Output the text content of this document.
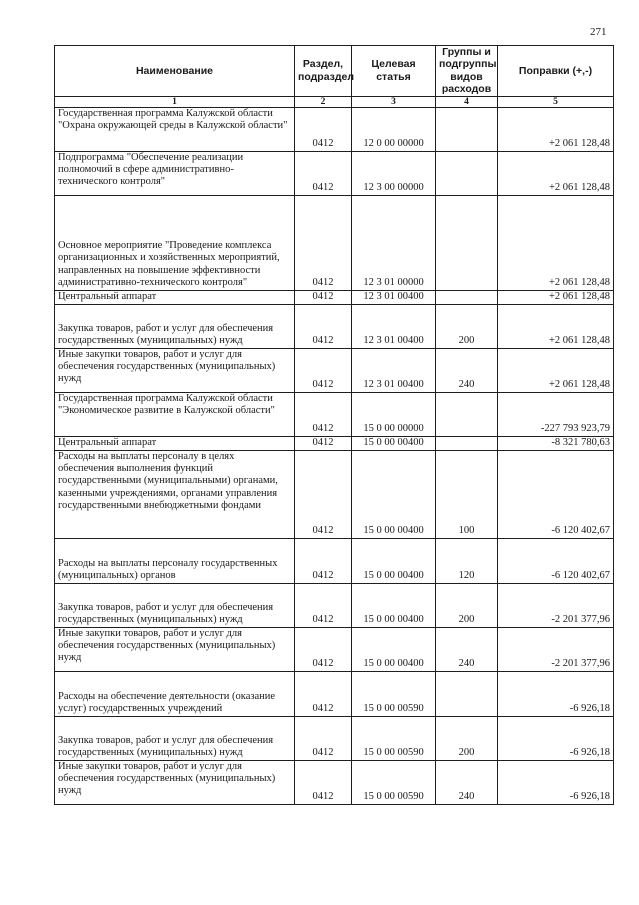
271
Наименование	Раздел, подраздел	Целевая статья	Группы и подгруппы видов расходов	Поправки (+,-)
1	2	3	4	5
Государственная программа Калужской области "Охрана окружающей среды в Калужской области"	0412	12 0 00 00000		+2 061 128,48
Подпрограмма "Обеспечение реализации полномочий в сфере административно-технического контроля"	0412	12 3 00 00000		+2 061 128,48
Основное мероприятие "Проведение комплекса организационных и хозяйственных мероприятий, направленных на повышение эффективности административно-технического контроля"	0412	12 3 01 00000		+2 061 128,48
Центральный аппарат	0412	12 3 01 00400		+2 061 128,48
Закупка товаров, работ и услуг для обеспечения государственных (муниципальных) нужд	0412	12 3 01 00400	200	+2 061 128,48
Иные закупки товаров, работ и услуг для обеспечения государственных (муниципальных) нужд	0412	12 3 01 00400	240	+2 061 128,48
Государственная программа Калужской области "Экономическое развитие в Калужской области"	0412	15 0 00 00000		-227 793 923,79
Центральный аппарат	0412	15 0 00 00400		-8 321 780,63
Расходы на выплаты персоналу в целях обеспечения выполнения функций государственными (муниципальными) органами, казенными учреждениями, органами управления государственными внебюджетными фондами	0412	15 0 00 00400	100	-6 120 402,67
Расходы на выплаты персоналу государственных (муниципальных) органов	0412	15 0 00 00400	120	-6 120 402,67
Закупка товаров, работ и услуг для обеспечения государственных (муниципальных) нужд	0412	15 0 00 00400	200	-2 201 377,96
Иные закупки товаров, работ и услуг для обеспечения государственных (муниципальных) нужд	0412	15 0 00 00400	240	-2 201 377,96
Расходы на обеспечение деятельности (оказание услуг) государственных учреждений	0412	15 0 00 00590		-6 926,18
Закупка товаров, работ и услуг для обеспечения государственных (муниципальных) нужд	0412	15 0 00 00590	200	-6 926,18
Иные закупки товаров, работ и услуг для обеспечения государственных (муниципальных) нужд	0412	15 0 00 00590	240	-6 926,18
